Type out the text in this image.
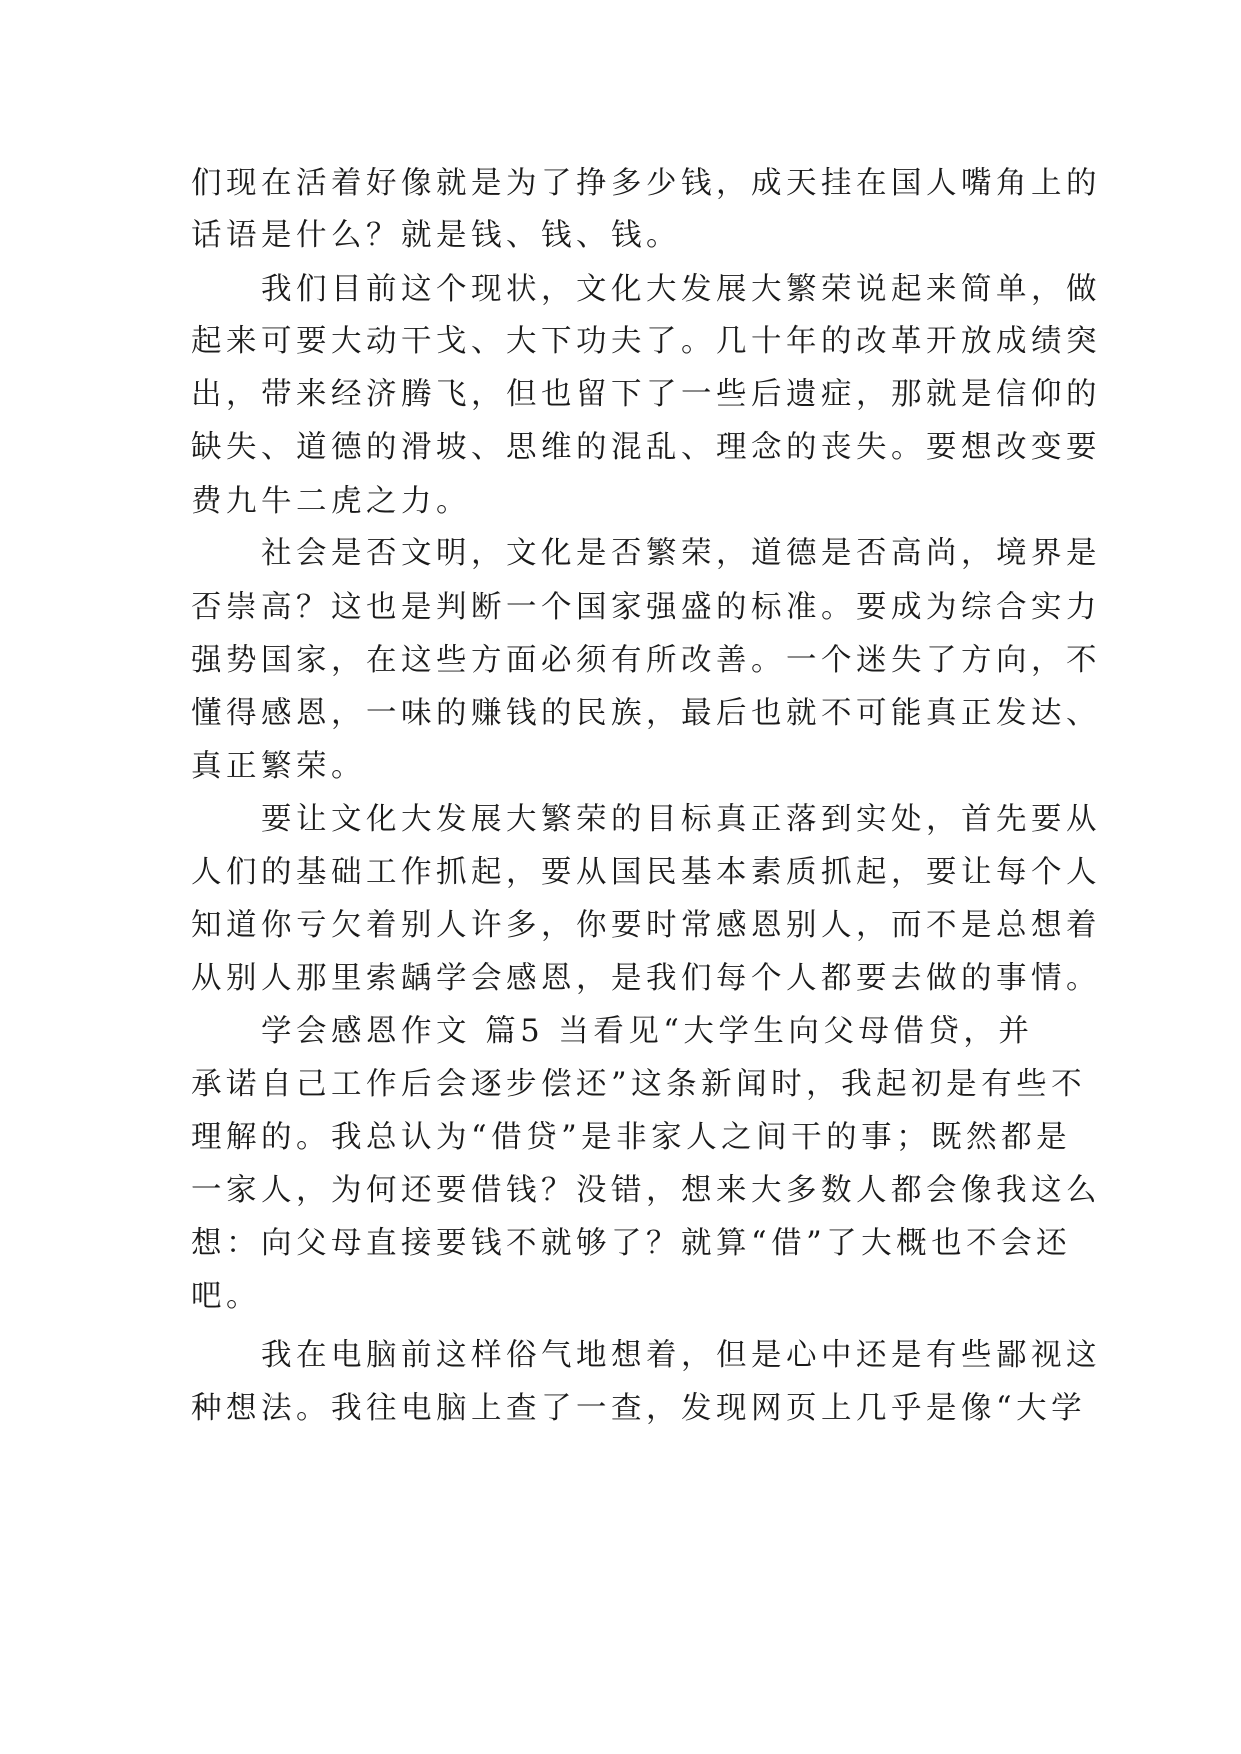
们现在活着好像就是为了挣多少钱，成天挂在国人嘴角上的
话语是什么？就是钱、钱、钱。
我们目前这个现状，文化大发展大繁荣说起来简单，做
起来可要大动干戈、大下功夫了。几十年的改革开放成绩突
出，带来经济腾飞，但也留下了一些后遗症，那就是信仰的
缺失、道德的滑坡、思维的混乱、理念的丧失。要想改变要
费九牛二虎之力。
社会是否文明，文化是否繁荣，道德是否高尚，境界是
否崇高？这也是判断一个国家强盛的标准。要成为综合实力
强势国家，在这些方面必须有所改善。一个迷失了方向，不
懂得感恩，一味的赚钱的民族，最后也就不可能真正发达、
真正繁荣。
要让文化大发展大繁荣的目标真正落到实处，首先要从
人们的基础工作抓起，要从国民基本素质抓起，要让每个人
知道你亏欠着别人许多，你要时常感恩别人，而不是总想着
从别人那里索龋学会感恩，是我们每个人都要去做的事情。
学会感恩作文 篇5 当看见“大学生向父母借贷，并
承诺自己工作后会逐步偿还”这条新闻时，我起初是有些不
理解的。我总认为“借贷”是非家人之间干的事；既然都是
一家人，为何还要借钱？没错，想来大多数人都会像我这么
想：向父母直接要钱不就够了？就算“借”了大概也不会还
吧。
我在电脑前这样俗气地想着，但是心中还是有些鄙视这
种想法。我往电脑上查了一查，发现网页上几乎是像“大学
